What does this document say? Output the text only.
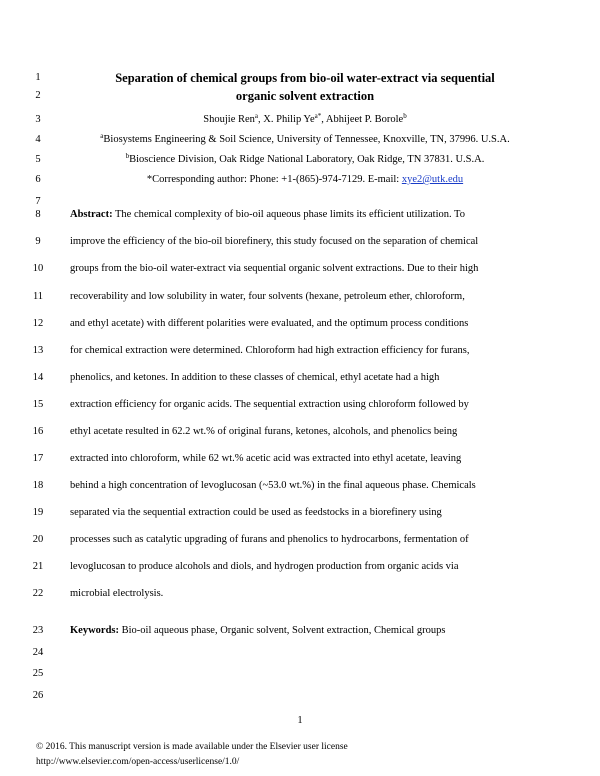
1
2
3
4
5
6
7
8
9
10
11
12
13
14
15
16
17
18
19
20
21
22
23
24
25
26
Separation of chemical groups from bio-oil water-extract via sequential
organic solvent extraction
Shoujie Ren$^a$, X. Philip $Ye^{a*}$, Abhijeet P. Borole$^b$
$^a$Biosystems Engineering & Soil Science, University of Tennessee, Knoxville, TN, 37996. U.S.A.
$^b$Bioscience Division, Oak Ridge National Laboratory, Oak Ridge, TN 37831. U.S.A.
*Corresponding author: Phone: +1-(865)-974-7129. E-mail: xye2@utk.edu
Abstract: The chemical complexity of bio-oil aqueous phase limits its efficient utilization. To
improve the efficiency of the bio-oil biorefinery, this study focused on the separation of chemical
groups from the bio-oil water-extract via sequential organic solvent extractions. Due to their high
recoverability and low solubility in water, four solvents (hexane, petroleum ether, chloroform,
and ethyl acetate) with different polarities were evaluated, and the optimum process conditions
for chemical extraction were determined. Chloroform had high extraction efficiency for furans,
phenolics, and ketones. In addition to these classes of chemical, ethyl acetate had a high
extraction efficiency for organic acids. The sequential extraction using chloroform followed by
ethyl acetate resulted in 62.2 wt.% of original furans, ketones, alcohols, and phenolics being
extracted into chloroform, while 62 wt.% acetic acid was extracted into ethyl acetate, leaving
behind a high concentration of levoglucosan (~53.0 wt.%) in the final aqueous phase. Chemicals
separated via the sequential extraction could be used as feedstocks in a biorefinery using
processes such as catalytic upgrading of furans and phenolics to hydrocarbons, fermentation of
levoglucosan to produce alcohols and diols, and hydrogen production from organic acids via
microbial electrolysis.
Keywords: Bio-oil aqueous phase, Organic solvent, Solvent extraction, Chemical groups
1
© 2016. This manuscript version is made available under the Elsevier user license
http://www.elsevier.com/open-access/userlicense/1.0/
